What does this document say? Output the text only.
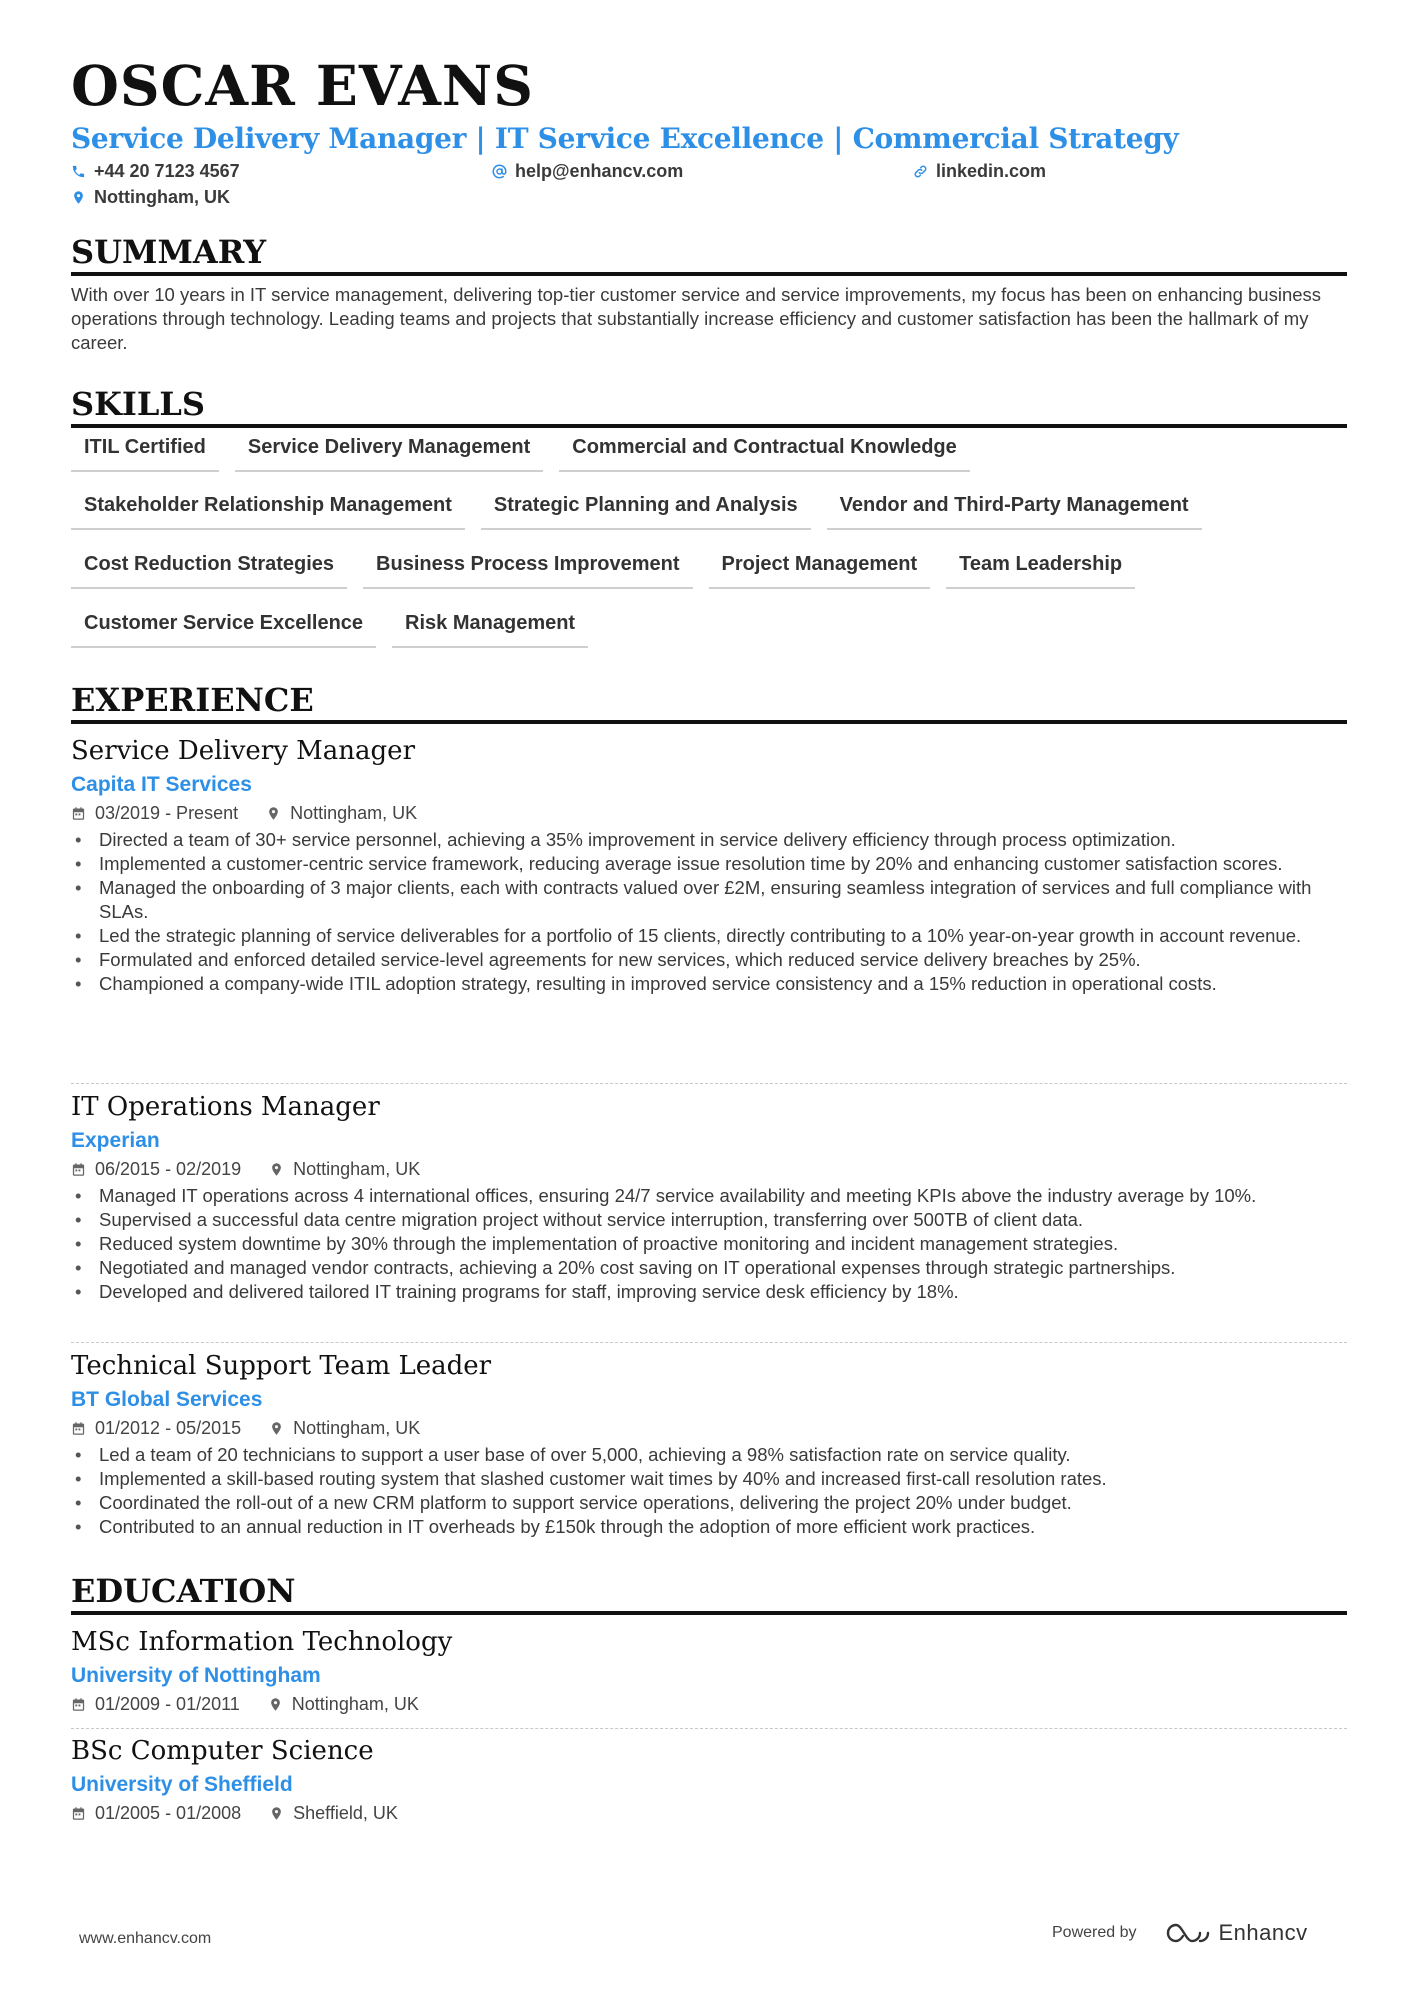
OSCAR EVANS
Service Delivery Manager | IT Service Excellence | Commercial Strategy
+44 20 7123 4567	help@enhancv.com	linkedin.com
Nottingham, UK
SUMMARY
With over 10 years in IT service management, delivering top-tier customer service and service improvements, my focus has been on enhancing business operations through technology. Leading teams and projects that substantially increase efficiency and customer satisfaction has been the hallmark of my career.
SKILLS
ITIL Certified	Service Delivery Management	Commercial and Contractual Knowledge
Stakeholder Relationship Management	Strategic Planning and Analysis	Vendor and Third-Party Management
Cost Reduction Strategies	Business Process Improvement	Project Management	Team Leadership
Customer Service Excellence	Risk Management
EXPERIENCE
Service Delivery Manager
Capita IT Services
03/2019 - Present	Nottingham, UK
• Directed a team of 30+ service personnel, achieving a 35% improvement in service delivery efficiency through process optimization.
• Implemented a customer-centric service framework, reducing average issue resolution time by 20% and enhancing customer satisfaction scores.
• Managed the onboarding of 3 major clients, each with contracts valued over £2M, ensuring seamless integration of services and full compliance with SLAs.
• Led the strategic planning of service deliverables for a portfolio of 15 clients, directly contributing to a 10% year-on-year growth in account revenue.
• Formulated and enforced detailed service-level agreements for new services, which reduced service delivery breaches by 25%.
• Championed a company-wide ITIL adoption strategy, resulting in improved service consistency and a 15% reduction in operational costs.
IT Operations Manager
Experian
06/2015 - 02/2019	Nottingham, UK
• Managed IT operations across 4 international offices, ensuring 24/7 service availability and meeting KPIs above the industry average by 10%.
• Supervised a successful data centre migration project without service interruption, transferring over 500TB of client data.
• Reduced system downtime by 30% through the implementation of proactive monitoring and incident management strategies.
• Negotiated and managed vendor contracts, achieving a 20% cost saving on IT operational expenses through strategic partnerships.
• Developed and delivered tailored IT training programs for staff, improving service desk efficiency by 18%.
Technical Support Team Leader
BT Global Services
01/2012 - 05/2015	Nottingham, UK
• Led a team of 20 technicians to support a user base of over 5,000, achieving a 98% satisfaction rate on service quality.
• Implemented a skill-based routing system that slashed customer wait times by 40% and increased first-call resolution rates.
• Coordinated the roll-out of a new CRM platform to support service operations, delivering the project 20% under budget.
• Contributed to an annual reduction in IT overheads by £150k through the adoption of more efficient work practices.
EDUCATION
MSc Information Technology
University of Nottingham
01/2009 - 01/2011	Nottingham, UK
BSc Computer Science
University of Sheffield
01/2005 - 01/2008	Sheffield, UK
www.enhancv.com	Powered by	Enhancv
